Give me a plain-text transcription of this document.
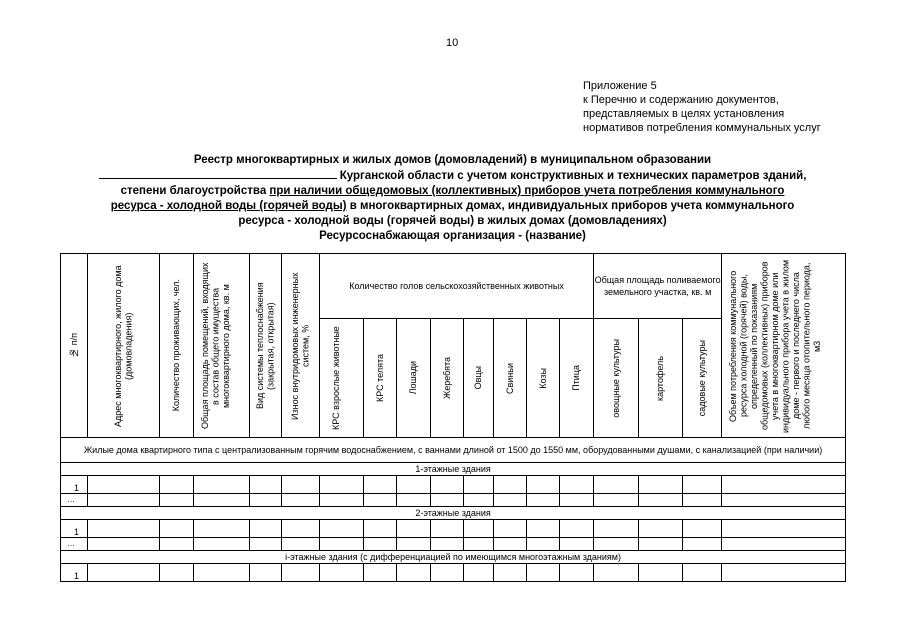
10
Приложение 5
к Перечню и содержанию документов,
представляемых в целях установления
нормативов потребления коммунальных услуг
Реестр многоквартирных и жилых домов (домовладений) в муниципальном образовании
Курганской области с учетом конструктивных и технических параметров зданий,
степени благоустройства при наличии общедомовых (коллективных) приборов учета потребления коммунального
ресурса - холодной воды (горячей воды) в многоквартирных домах, индивидуальных приборов учета коммунального
ресурса - холодной воды (горячей воды) в жилых домах (домовладениях)
Ресурсоснабжающая организация - (название)
№ п/п	Адрес многоквартирного, жилого дома (домовладения)	Количество проживающих, чел.	Общая площадь помещений, входящих в состав общего имущества многоквартирного дома, кв. м	Вид системы теплоснабжения (закрытая, открытая)	Износ внутридомовых инженерных систем, %	Количество голов сельскохозяйственных животных								Общая площадь поливаемого земельного участка, кв. м			Объем потребления коммунального ресурса холодной (горячей) воды, определенный по показаниям общедомовых (коллективных) приборов учета в многоквартирном доме или индивидуального прибора учета в жилом доме - первого и последнего числа любого месяца отопительного периода, м3

						КРС взрослые животные	КРС телята	Лошади	Жеребята	Овцы	Свиньи	Козы	Птица	овощные культуры	картофель	садовые культуры	

Жилые дома квартирного типа с централизованным горячим водоснабжением, с ваннами длиной от 1500 до 1550 мм, оборудованными душами, с канализацией (при наличии)																	
1-этажные здания																	
1																	
…																	
2-этажные здания																	
1																	
…																	
i-этажные здания (с дифференциацией по имеющимся многоэтажным зданиям)																	
1																	
